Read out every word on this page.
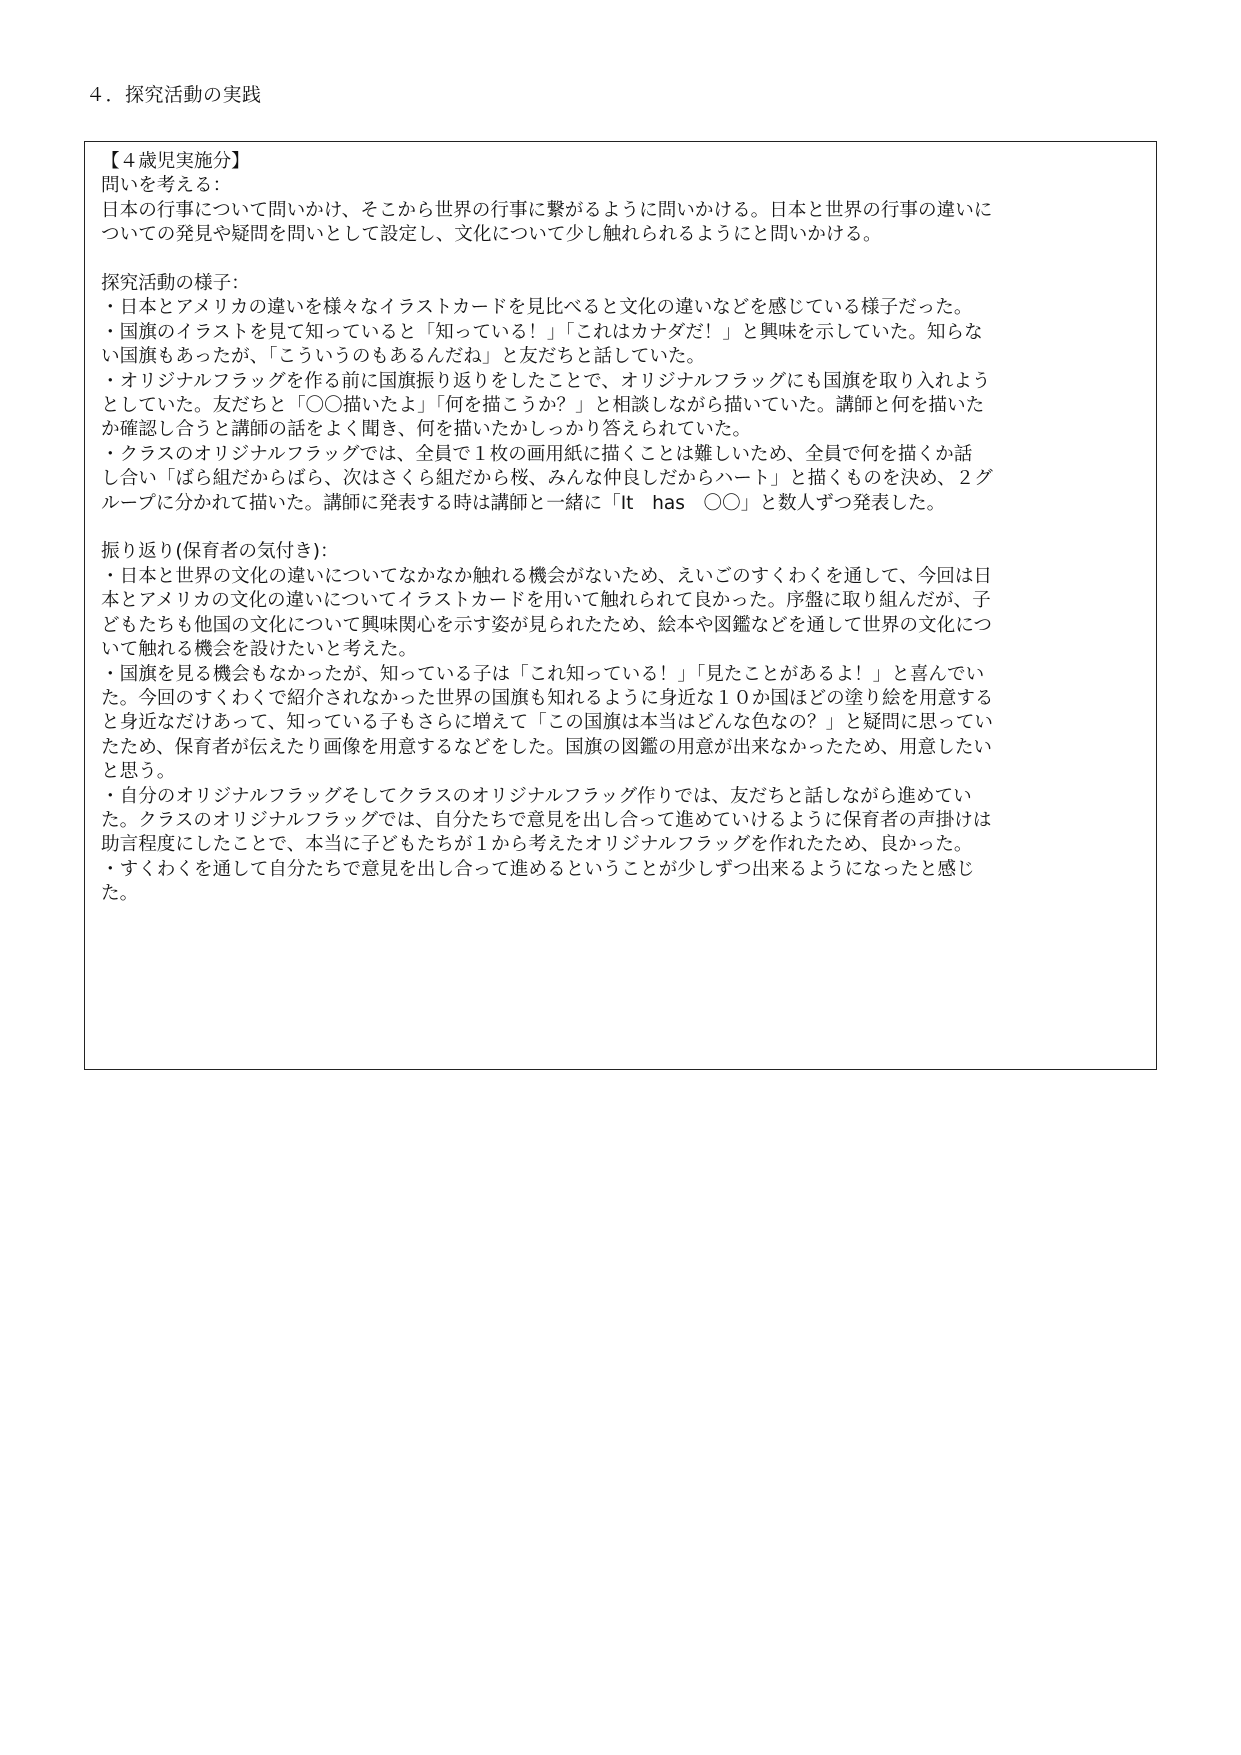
４．探究活動の実践
【４歳児実施分】
問いを考える：
日本の行事について問いかけ、そこから世界の行事に繋がるように問いかける。日本と世界の行事の違いに
ついての発見や疑問を問いとして設定し、文化について少し触れられるようにと問いかける。
探究活動の様子：
・日本とアメリカの違いを様々なイラストカードを見比べると文化の違いなどを感じている様子だった。
・国旗のイラストを見て知っていると「知っている！」「これはカナダだ！」と興味を示していた。知らな
い国旗もあったが、「こういうのもあるんだね」と友だちと話していた。
・オリジナルフラッグを作る前に国旗振り返りをしたことで、オリジナルフラッグにも国旗を取り入れよう
としていた。友だちと「〇〇描いたよ」「何を描こうか？」と相談しながら描いていた。講師と何を描いた
か確認し合うと講師の話をよく聞き、何を描いたかしっかり答えられていた。
・クラスのオリジナルフラッグでは、全員で１枚の画用紙に描くことは難しいため、全員で何を描くか話
し合い「ばら組だからばら、次はさくら組だから桜、みんな仲良しだからハート」と描くものを決め、２グ
ループに分かれて描いた。講師に発表する時は講師と一緒に「It　has　〇〇」と数人ずつ発表した。
振り返り(保育者の気付き)：
・日本と世界の文化の違いについてなかなか触れる機会がないため、えいごのすくわくを通して、今回は日
本とアメリカの文化の違いについてイラストカードを用いて触れられて良かった。序盤に取り組んだが、子
どもたちも他国の文化について興味関心を示す姿が見られたため、絵本や図鑑などを通して世界の文化につ
いて触れる機会を設けたいと考えた。
・国旗を見る機会もなかったが、知っている子は「これ知っている！」「見たことがあるよ！」と喜んでい
た。今回のすくわくで紹介されなかった世界の国旗も知れるように身近な１０か国ほどの塗り絵を用意する
と身近なだけあって、知っている子もさらに増えて「この国旗は本当はどんな色なの？」と疑問に思ってい
たため、保育者が伝えたり画像を用意するなどをした。国旗の図鑑の用意が出来なかったため、用意したい
と思う。
・自分のオリジナルフラッグそしてクラスのオリジナルフラッグ作りでは、友だちと話しながら進めてい
た。クラスのオリジナルフラッグでは、自分たちで意見を出し合って進めていけるように保育者の声掛けは
助言程度にしたことで、本当に子どもたちが１から考えたオリジナルフラッグを作れたため、良かった。
・すくわくを通して自分たちで意見を出し合って進めるということが少しずつ出来るようになったと感じ
た。
